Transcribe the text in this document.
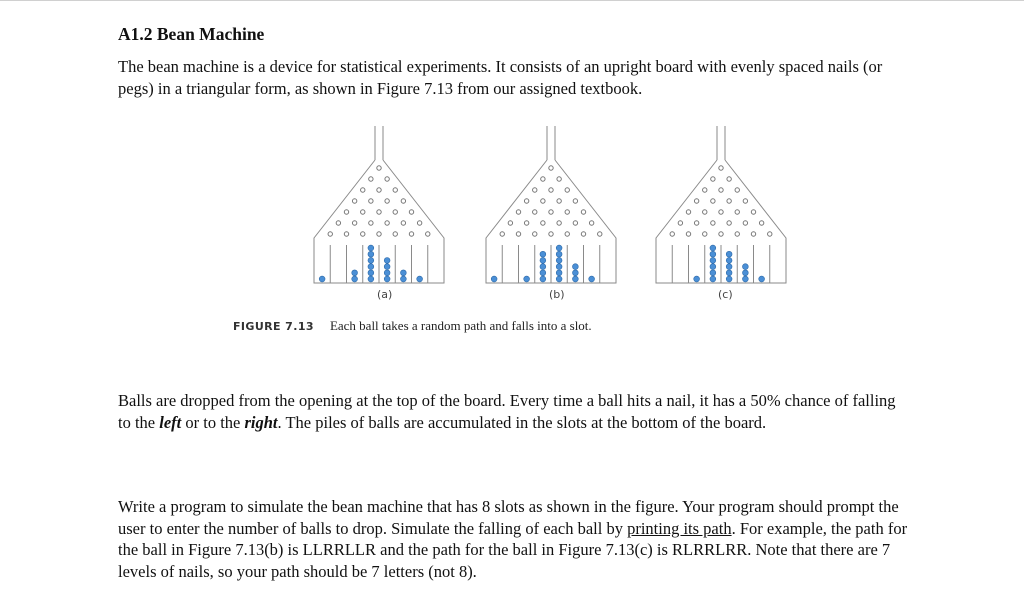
A1.2 Bean Machine

The bean machine is a device for statistical experiments. It consists of an upright board with evenly spaced nails (or pegs) in a triangular form, as shown in Figure 7.13 from our assigned textbook.

(a)	(b)	(c)

FIGURE 7.13 Each ball takes a random path and falls into a slot.

Balls are dropped from the opening at the top of the board. Every time a ball hits a nail, it has a 50% chance of falling to the left or to the right. The piles of balls are accumulated in the slots at the bottom of the board.

Write a program to simulate the bean machine that has 8 slots as shown in the figure. Your program should prompt the user to enter the number of balls to drop. Simulate the falling of each ball by printing its path. For example, the path for the ball in Figure 7.13(b) is LLRRLLR and the path for the ball in Figure 7.13(c) is RLRRLRR. Note that there are 7 levels of nails, so your path should be 7 letters (not 8).
